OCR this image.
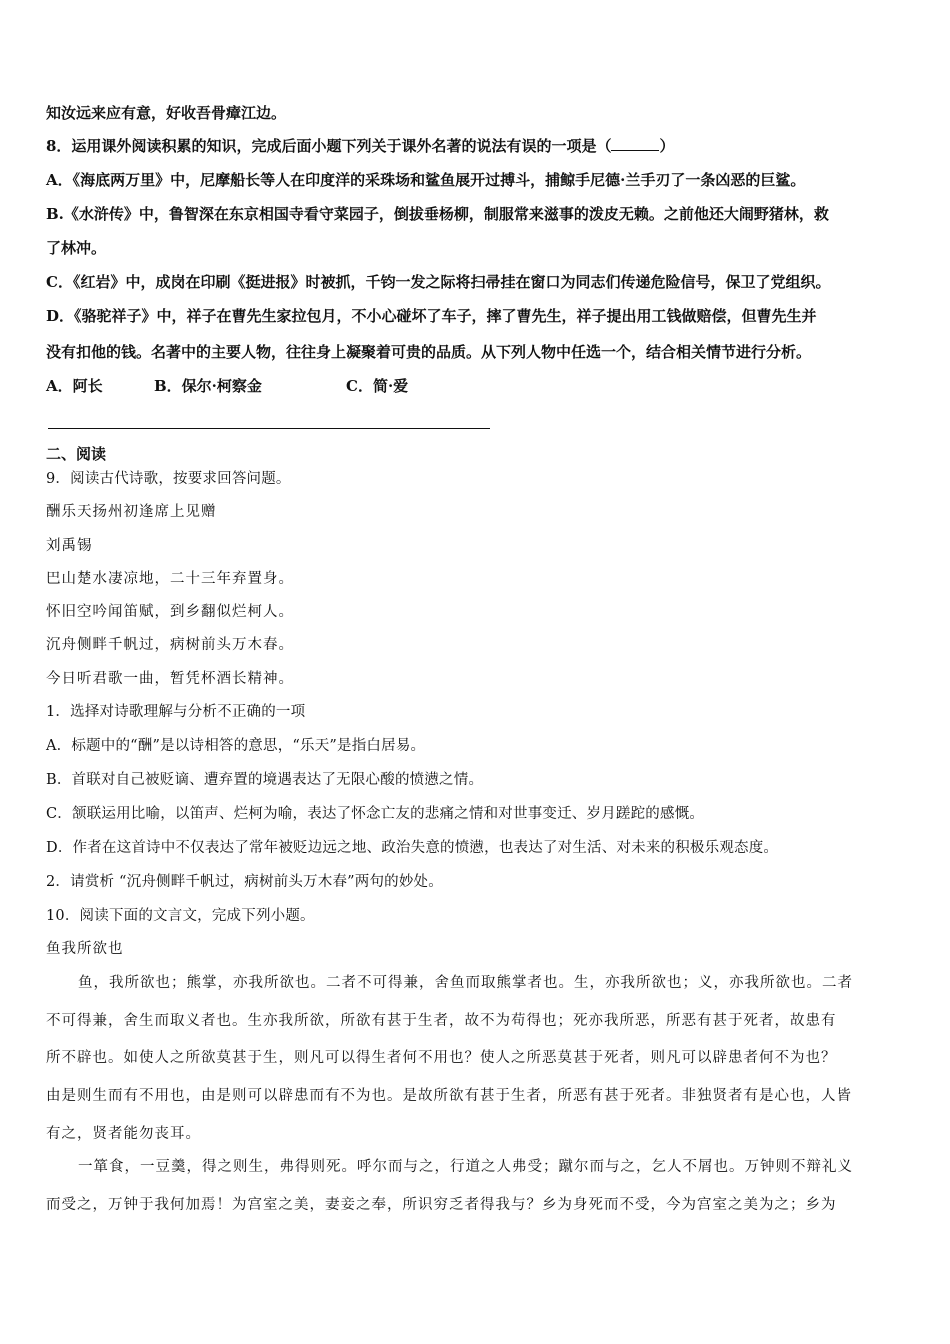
知汝远来应有意，好收吾骨瘴江边。
8．运用课外阅读积累的知识，完成后面小题下列关于课外名著的说法有误的一项是（	）
A．《海底两万里》中，尼摩船长等人在印度洋的采珠场和鲨鱼展开过搏斗，捕鲸手尼德·兰手刃了一条凶恶的巨鲨。
B.《水浒传》中，鲁智深在东京相国寺看守菜园子，倒拔垂杨柳，制服常来滋事的泼皮无赖。之前他还大闹野猪林，救
了林冲。
C．《红岩》中，成岗在印刷《挺进报》时被抓，千钧一发之际将扫帚挂在窗口为同志们传递危险信号，保卫了党组织。
D．《骆驼祥子》中，祥子在曹先生家拉包月，不小心碰坏了车子，摔了曹先生，祥子提出用工钱做赔偿，但曹先生并
没有扣他的钱。名著中的主要人物，往往身上凝聚着可贵的品质。从下列人物中任选一个，结合相关情节进行分析。
A．阿长	B．保尔·柯察金	C．简·爱
二、阅读
9．阅读古代诗歌，按要求回答问题。
酬乐天扬州初逢席上见赠
刘禹锡
巴山楚水凄凉地，二十三年弃置身。
怀旧空吟闻笛赋，到乡翻似烂柯人。
沉舟侧畔千帆过，病树前头万木春。
今日听君歌一曲，暂凭杯酒长精神。
1．选择对诗歌理解与分析不正确的一项
A．标题中的“酬”是以诗相答的意思，“乐天”是指白居易。
B．首联对自己被贬谪、遭弃置的境遇表达了无限心酸的愤懑之情。
C．颔联运用比喻，以笛声、烂柯为喻，表达了怀念亡友的悲痛之情和对世事变迁、岁月蹉跎的感慨。
D．作者在这首诗中不仅表达了常年被贬边远之地、政治失意的愤懑，也表达了对生活、对未来的积极乐观态度。
2．请赏析 “沉舟侧畔千帆过，病树前头万木春”两句的妙处。
10．阅读下面的文言文，完成下列小题。
鱼我所欲也
鱼，我所欲也；熊掌，亦我所欲也。二者不可得兼，舍鱼而取熊掌者也。生，亦我所欲也；义，亦我所欲也。二者
不可得兼，舍生而取义者也。生亦我所欲，所欲有甚于生者，故不为苟得也；死亦我所恶，所恶有甚于死者，故患有
所不辟也。如使人之所欲莫甚于生，则凡可以得生者何不用也？使人之所恶莫甚于死者，则凡可以辟患者何不为也？
由是则生而有不用也，由是则可以辟患而有不为也。是故所欲有甚于生者，所恶有甚于死者。非独贤者有是心也，人皆
有之，贤者能勿丧耳。
一箪食，一豆羹，得之则生，弗得则死。呼尔而与之，行道之人弗受；蹴尔而与之，乞人不屑也。万钟则不辩礼义
而受之，万钟于我何加焉！为宫室之美，妻妾之奉，所识穷乏者得我与？乡为身死而不受，今为宫室之美为之；乡为
